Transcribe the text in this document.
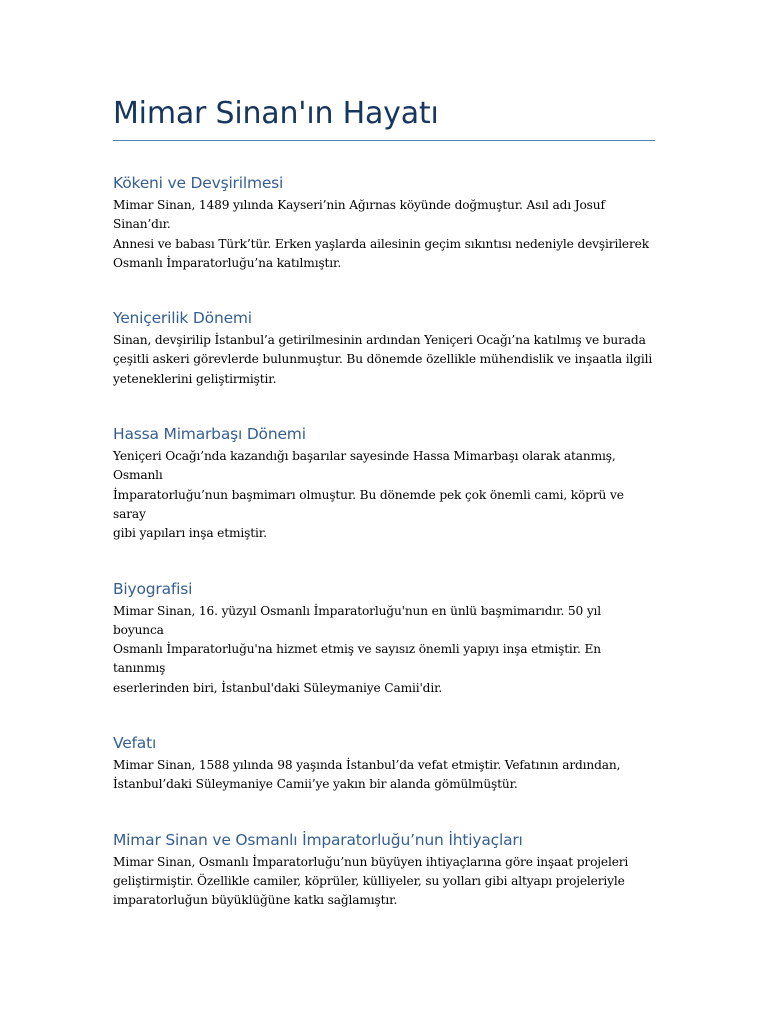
Mimar Sinan'ın Hayatı
Kökeni ve Devşirilmesi

Mimar Sinan, 1489 yılında Kayseri’nin Ağırnas köyünde doğmuştur. Asıl adı Josuf Sinan’dır.
Annesi ve babası Türk’tür. Erken yaşlarda ailesinin geçim sıkıntısı nedeniyle devşirilerek
Osmanlı İmparatorluğu’na katılmıştır.

Yeniçerilik Dönemi

Sinan, devşirilip İstanbul’a getirilmesinin ardından Yeniçeri Ocağı’na katılmış ve burada
çeşitli askeri görevlerde bulunmuştur. Bu dönemde özellikle mühendislik ve inşaatla ilgili
yeteneklerini geliştirmiştir.

Hassa Mimarbaşı Dönemi

Yeniçeri Ocağı’nda kazandığı başarılar sayesinde Hassa Mimarbaşı olarak atanmış, Osmanlı
İmparatorluğu’nun başmimarı olmuştur. Bu dönemde pek çok önemli cami, köprü ve saray
gibi yapıları inşa etmiştir.

Biyografisi

Mimar Sinan, 16. yüzyıl Osmanlı İmparatorluğu'nun en ünlü başmimarıdır. 50 yıl boyunca
Osmanlı İmparatorluğu'na hizmet etmiş ve sayısız önemli yapıyı inşa etmiştir. En tanınmış
eserlerinden biri, İstanbul'daki Süleymaniye Camii'dir.

Vefatı

Mimar Sinan, 1588 yılında 98 yaşında İstanbul’da vefat etmiştir. Vefatının ardından,
İstanbul’daki Süleymaniye Camii’ye yakın bir alanda gömülmüştür.

Mimar Sinan ve Osmanlı İmparatorluğu’nun İhtiyaçları

Mimar Sinan, Osmanlı İmparatorluğu’nun büyüyen ihtiyaçlarına göre inşaat projeleri
geliştirmiştir. Özellikle camiler, köprüler, külliyeler, su yolları gibi altyapı projeleriyle
imparatorluğun büyüklüğüne katkı sağlamıştır.
